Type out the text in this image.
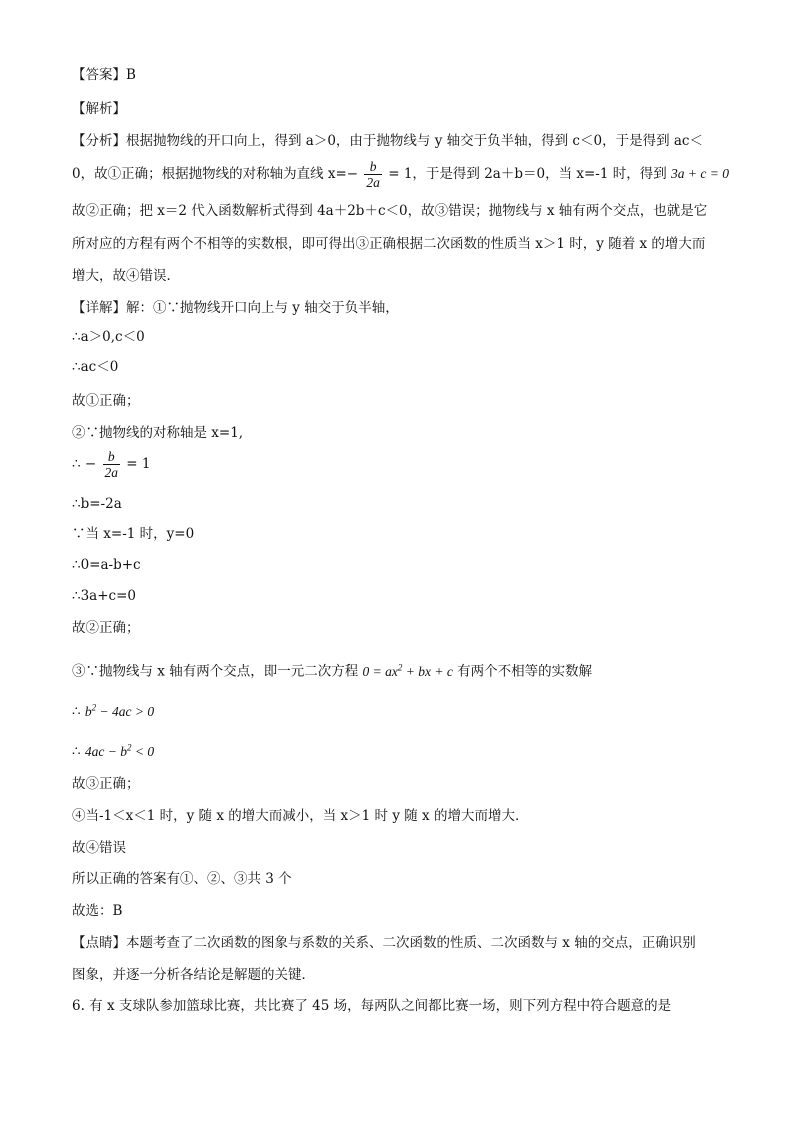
【答案】B
【解析】
【分析】根据抛物线的开口向上，得到 a＞0，由于抛物线与 y 轴交于负半轴，得到 c＜0，于是得到 ac＜
0，故①正确；根据抛物线的对称轴为直线 $x=- \frac{b}{2a} = 1$，于是得到 2a＋b＝0，当 x=-1 时，得到 3a + c = 0
故②正确；把 x＝2 代入函数解析式得到 4a＋2b＋c＜0，故③错误；抛物线与 x 轴有两个交点，也就是它
所对应的方程有两个不相等的实数根，即可得出③正确根据二次函数的性质当 x＞1 时，y 随着 x 的增大而
增大，故④错误．
【详解】解：①∵抛物线开口向上与 y 轴交于负半轴，
∴a＞0,c＜0
∴ac＜0
故①正确；
②∵抛物线的对称轴是 x=1,
∴ − $\frac{b}{2a} = 1$
∴b=-2a
∵当 x=-1 时，y=0
∴0=a-b+c
∴3a+c=0
故②正确；
③∵抛物线与 x 轴有两个交点，即一元二次方程 $0 = ax^2$ + bx + c 有两个不相等的实数解
∴ $b^2 - 4ac > 0$
∴ $4ac - b^2 < 0$
故③正确；
④当-1＜x＜1 时，y 随 x 的增大而减小，当 x＞1 时 y 随 x 的增大而增大．
故④错误
所以正确的答案有①、②、③共 3 个
故选：B
【点睛】本题考查了二次函数的图象与系数的关系、二次函数的性质、二次函数与 x 轴的交点，正确识别
图象，并逐一分析各结论是解题的关键．
6. 有 x 支球队参加篮球比赛，共比赛了 45 场，每两队之间都比赛一场，则下列方程中符合题意的是
